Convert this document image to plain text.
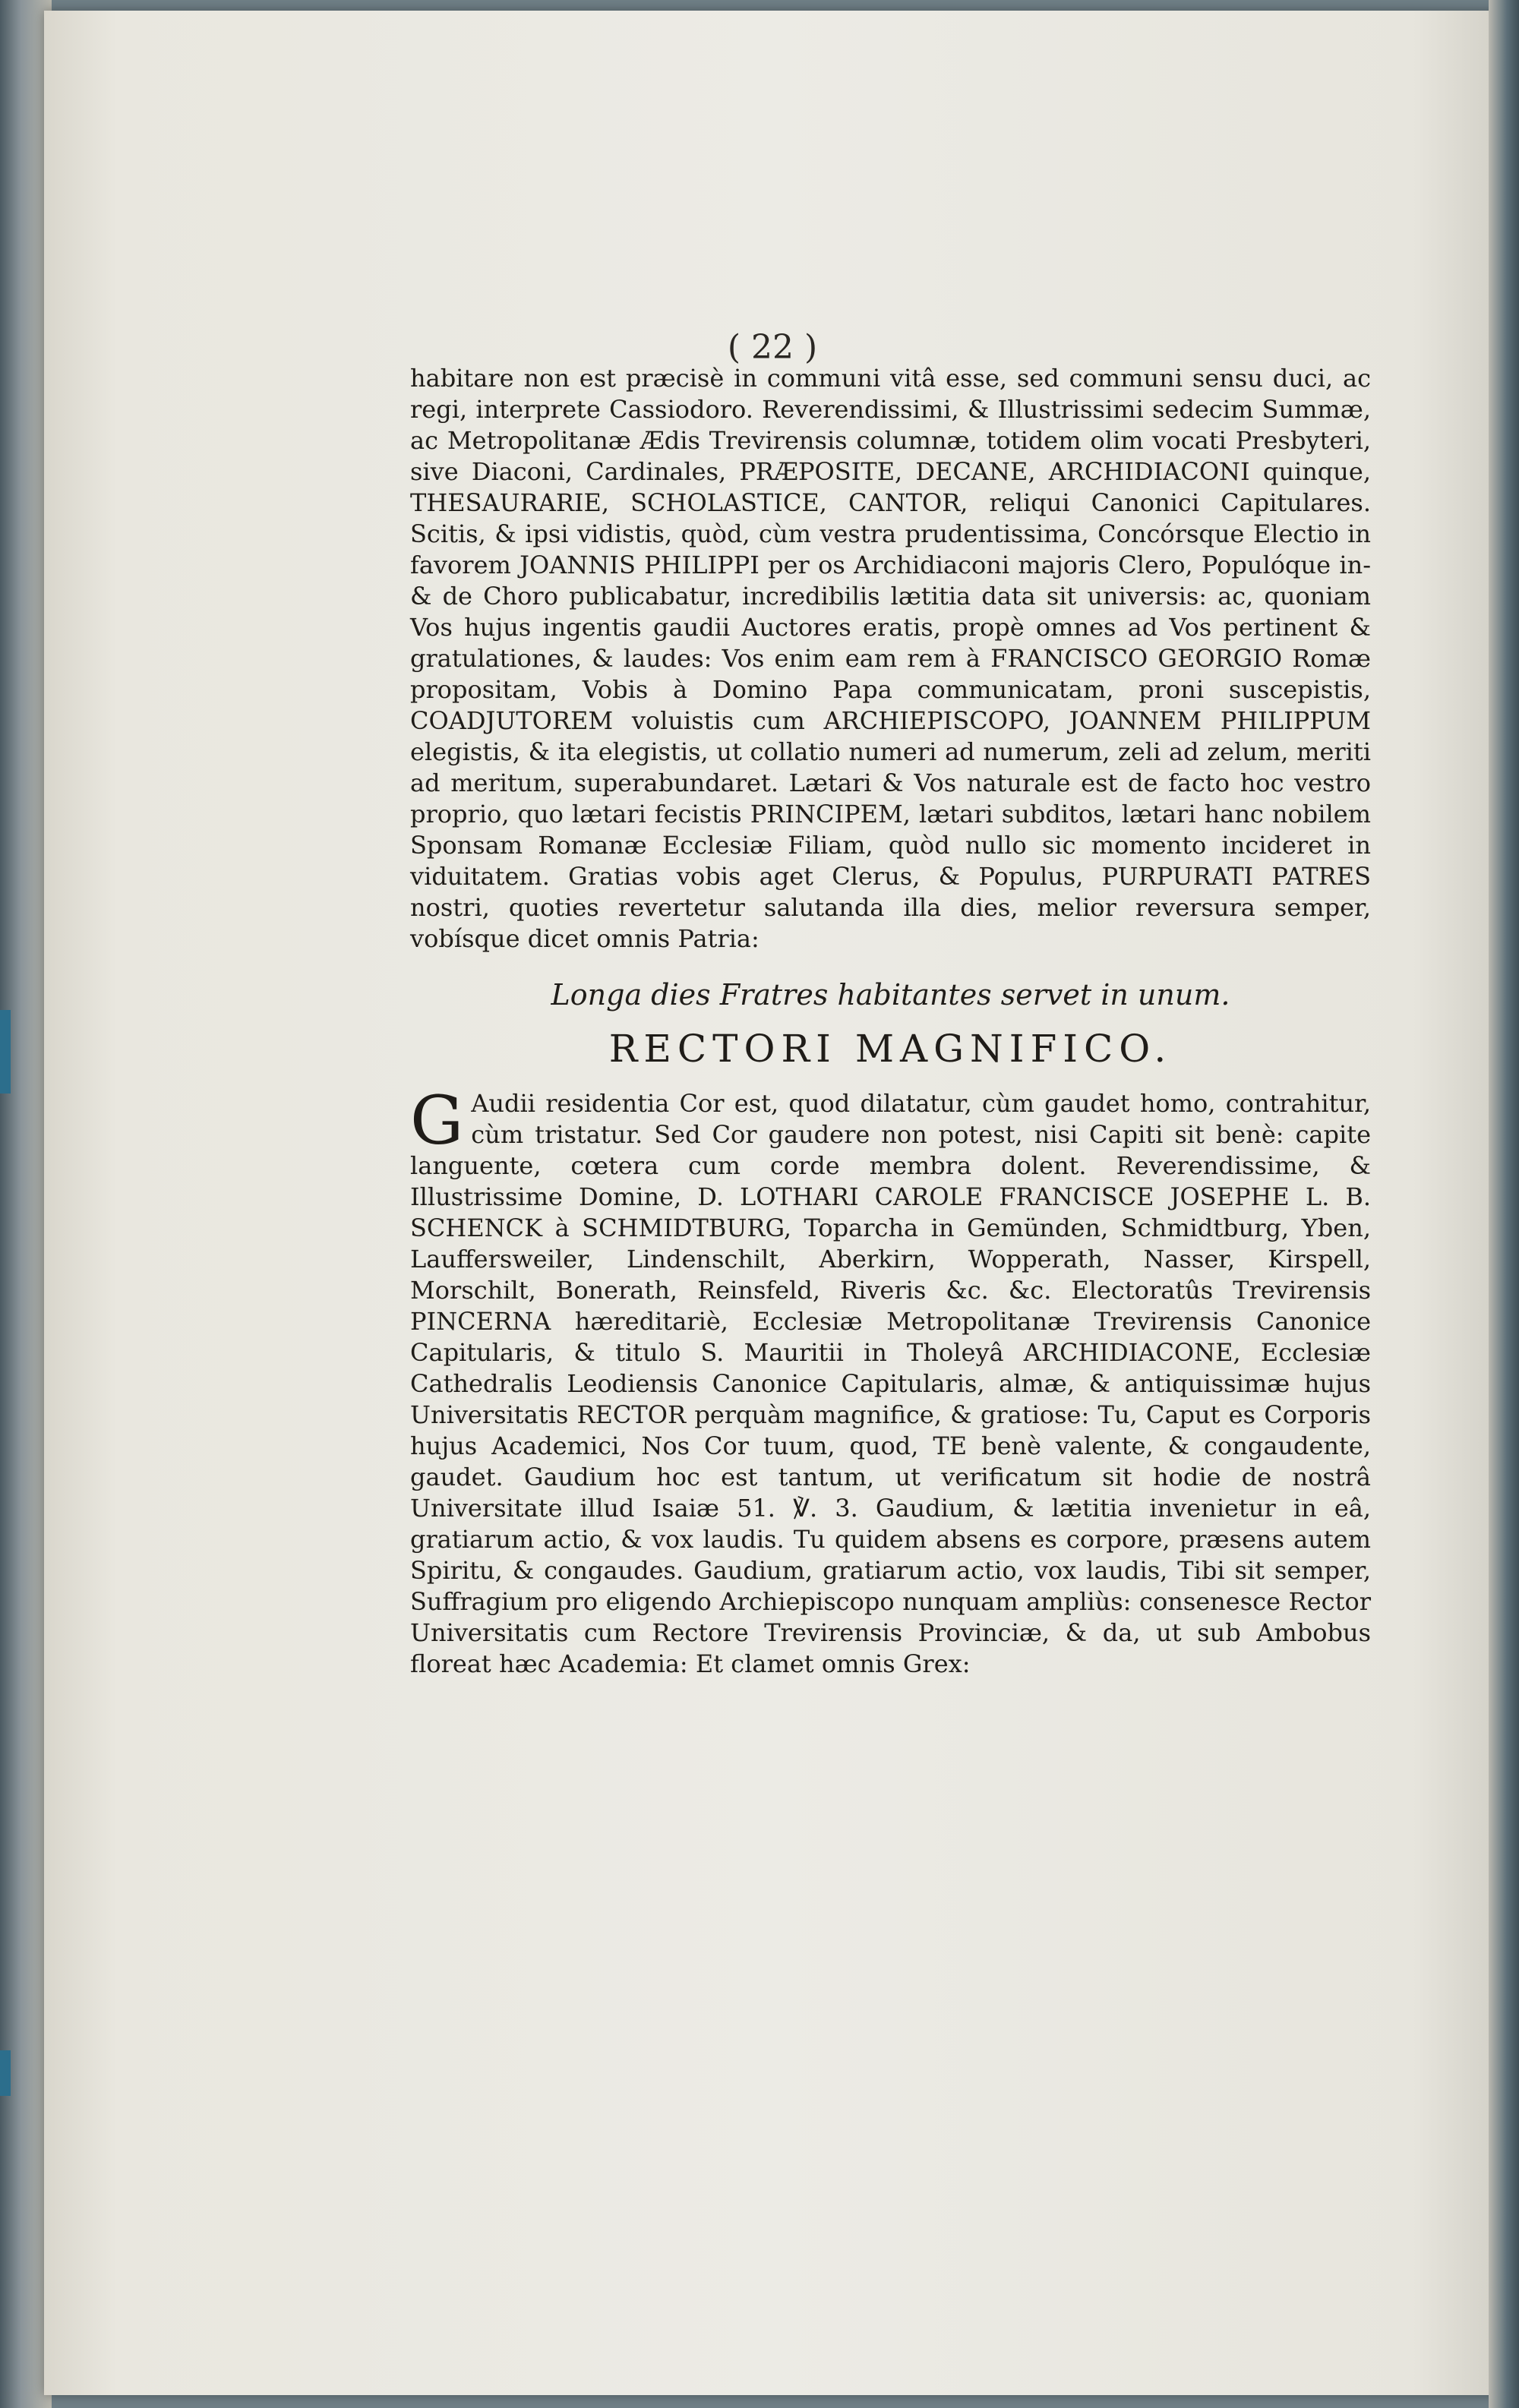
( 22 )

habitare non est præcisè in communi vitâ esse, sed communi sensu duci, ac regi, interprete Cassiodoro. Reverendissimi, & Illustrissimi sedecim Summæ, ac Metropolitanæ Ædis Trevirensis columnæ, totidem olim vocati Presbyteri, sive Diaconi, Cardinales, PRÆPOSITE, DECANE, ARCHIDIACONI quinque, THESAURARIE, SCHOLASTICE, CANTOR, reliqui Canonici Capitulares. Scitis, & ipsi vidistis, quòd, cùm vestra prudentissima, Concórsque Electio in favorem JOANNIS PHILIPPI per os Archidiaconi majoris Clero, Populóque in- & de Choro publicabatur, incredibilis lætitia data sit universis: ac, quoniam Vos hujus ingentis gaudii Auctores eratis, propè omnes ad Vos pertinent & gratulationes, & laudes: Vos enim eam rem à FRANCISCO GEORGIO Romæ propositam, Vobis à Domino Papa communicatam, proni suscepistis, COADJUTOREM voluistis cum ARCHIEPISCOPO, JOANNEM PHILIPPUM elegistis, & ita elegistis, ut collatio numeri ad numerum, zeli ad zelum, meriti ad meritum, superabundaret. Lætari & Vos naturale est de facto hoc vestro proprio, quo lætari fecistis PRINCIPEM, lætari subditos, lætari hanc nobilem Sponsam Romanæ Ecclesiæ Filiam, quòd nullo sic momento incideret in viduitatem. Gratias vobis aget Clerus, & Populus, PURPURATI PATRES nostri, quoties revertetur salutanda illa dies, melior reversura semper, vobísque dicet omnis Patria:

Longa dies Fratres habitantes servet in unum.

RECTORI MAGNIFICO.

G Audii residentia Cor est, quod dilatatur, cùm gaudet homo, contrahitur, cùm tristatur. Sed Cor gaudere non potest, nisi Capiti sit benè: capite languente, cœtera cum corde membra dolent. Reverendissime, & Illustrissime Domine, D. LOTHARI CAROLE FRANCISCE JOSEPHE L. B. SCHENCK à SCHMIDTBURG, Toparcha in Gemünden, Schmidtburg, Yben, Lauffersweiler, Lindenschilt, Aberkirn, Wopperath, Nasser, Kirspell, Morschilt, Bonerath, Reinsfeld, Riveris &c. &c. Electoratûs Trevirensis PINCERNA hæreditariè, Ecclesiæ Metropolitanæ Trevirensis Canonice Capitularis, & titulo S. Mauritii in Tholeyâ ARCHIDIACONE, Ecclesiæ Cathedralis Leodiensis Canonice Capitularis, almæ, & antiquissimæ hujus Universitatis RECTOR perquàm magnifice, & gratiose: Tu, Caput es Corporis hujus Academici, Nos Cor tuum, quod, TE benè valente, & congaudente, gaudet. Gaudium hoc est tantum, ut verificatum sit hodie de nostrâ Universitate illud Isaiæ 51. ℣. 3. Gaudium, & lætitia invenietur in eâ, gratiarum actio, & vox laudis. Tu quidem absens es corpore, præsens autem Spiritu, & congaudes. Gaudium, gratiarum actio, vox laudis, Tibi sit semper, Suffragium pro eligendo Archiepiscopo nunquam ampliùs: consenesce Rector Universitatis cum Rectore Trevirensis Provinciæ, & da, ut sub Ambobus floreat hæc Academia: Et clamet omnis Grex:
